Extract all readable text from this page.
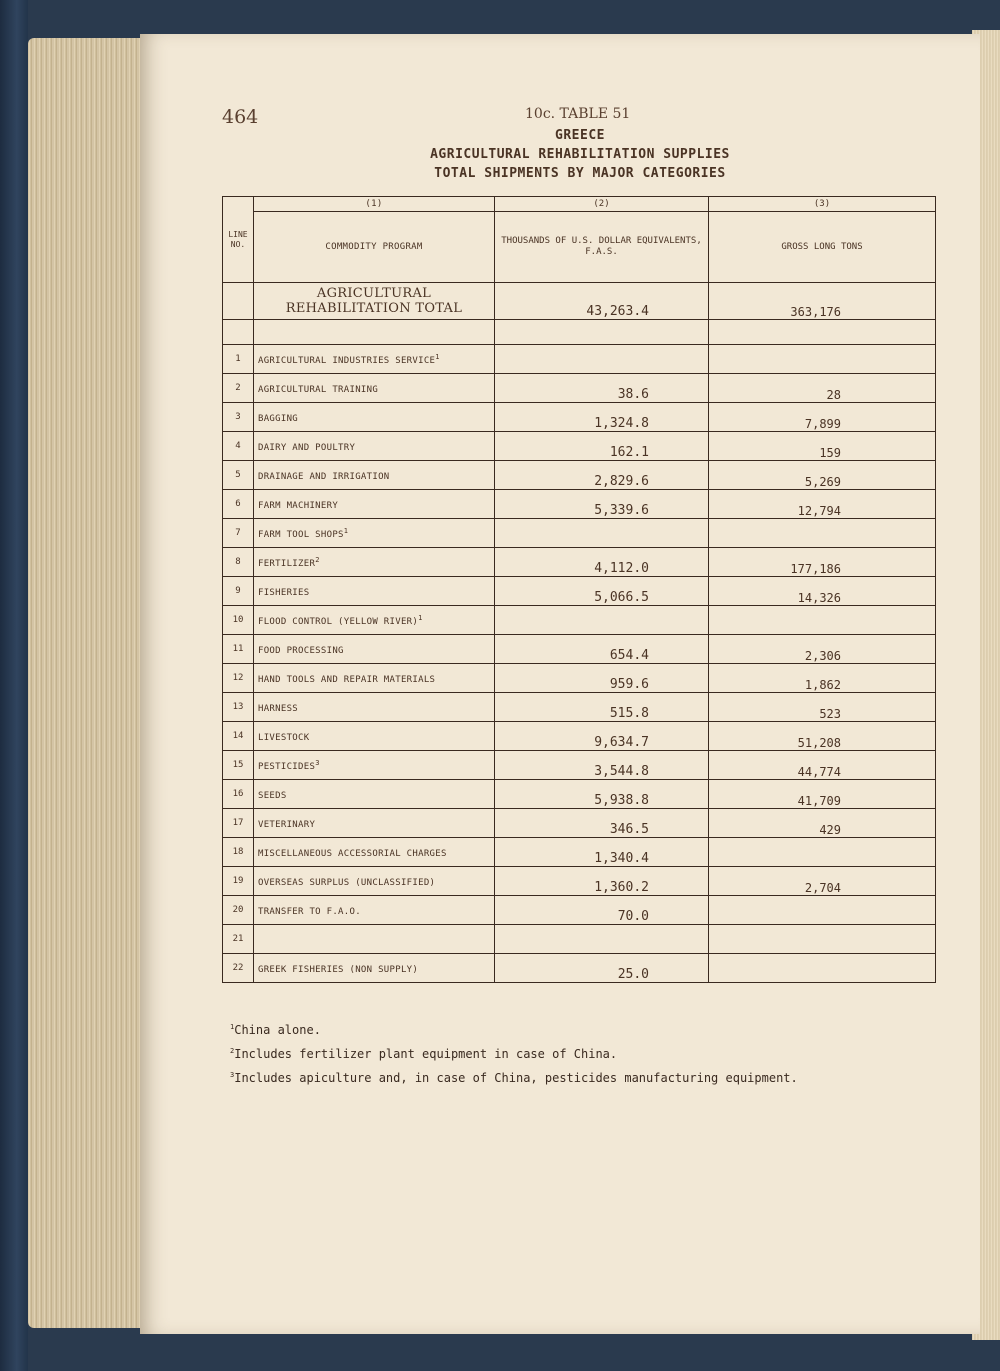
464	10c. TABLE 51
GREECE
AGRICULTURAL REHABILITATION SUPPLIES
TOTAL SHIPMENTS BY MAJOR CATEGORIES
LINE NO.	(1)	(2)	(3)
	COMMODITY PROGRAM	THOUSANDS OF U.S. DOLLAR EQUIVALENTS, F.A.S.	GROSS LONG TONS
	AGRICULTURAL REHABILITATION TOTAL	43,263.4	363,176

1	AGRICULTURAL INDUSTRIES SERVICE$^1$		
2	AGRICULTURAL TRAINING	38.6	28
3	BAGGING	1,324.8	7,899
4	DAIRY AND POULTRY	162.1	159
5	DRAINAGE AND IRRIGATION	2,829.6	5,269
6	FARM MACHINERY	5,339.6	12,794
7	FARM TOOL SHOPS$^1$		
8	FERTILIZER$^2$	4,112.0	177,186
9	FISHERIES	5,066.5	14,326
10	FLOOD CONTROL (YELLOW RIVER)$^1$		
11	FOOD PROCESSING	654.4	2,306
12	HAND TOOLS AND REPAIR MATERIALS	959.6	1,862
13	HARNESS	515.8	523
14	LIVESTOCK	9,634.7	51,208
15	PESTICIDES$^3$	3,544.8	44,774
16	SEEDS	5,938.8	41,709
17	VETERINARY	346.5	429
18	MISCELLANEOUS ACCESSORIAL CHARGES	1,340.4	
19	OVERSEAS SURPLUS (UNCLASSIFIED)	1,360.2	2,704
20	TRANSFER TO F.A.O.	70.0	
21			
22	GREEK FISHERIES (NON SUPPLY)	25.0	

$^1$China alone.

$^2$Includes fertilizer plant equipment in case of China.

$^3$Includes apiculture and, in case of China, pesticides manufacturing equipment.
